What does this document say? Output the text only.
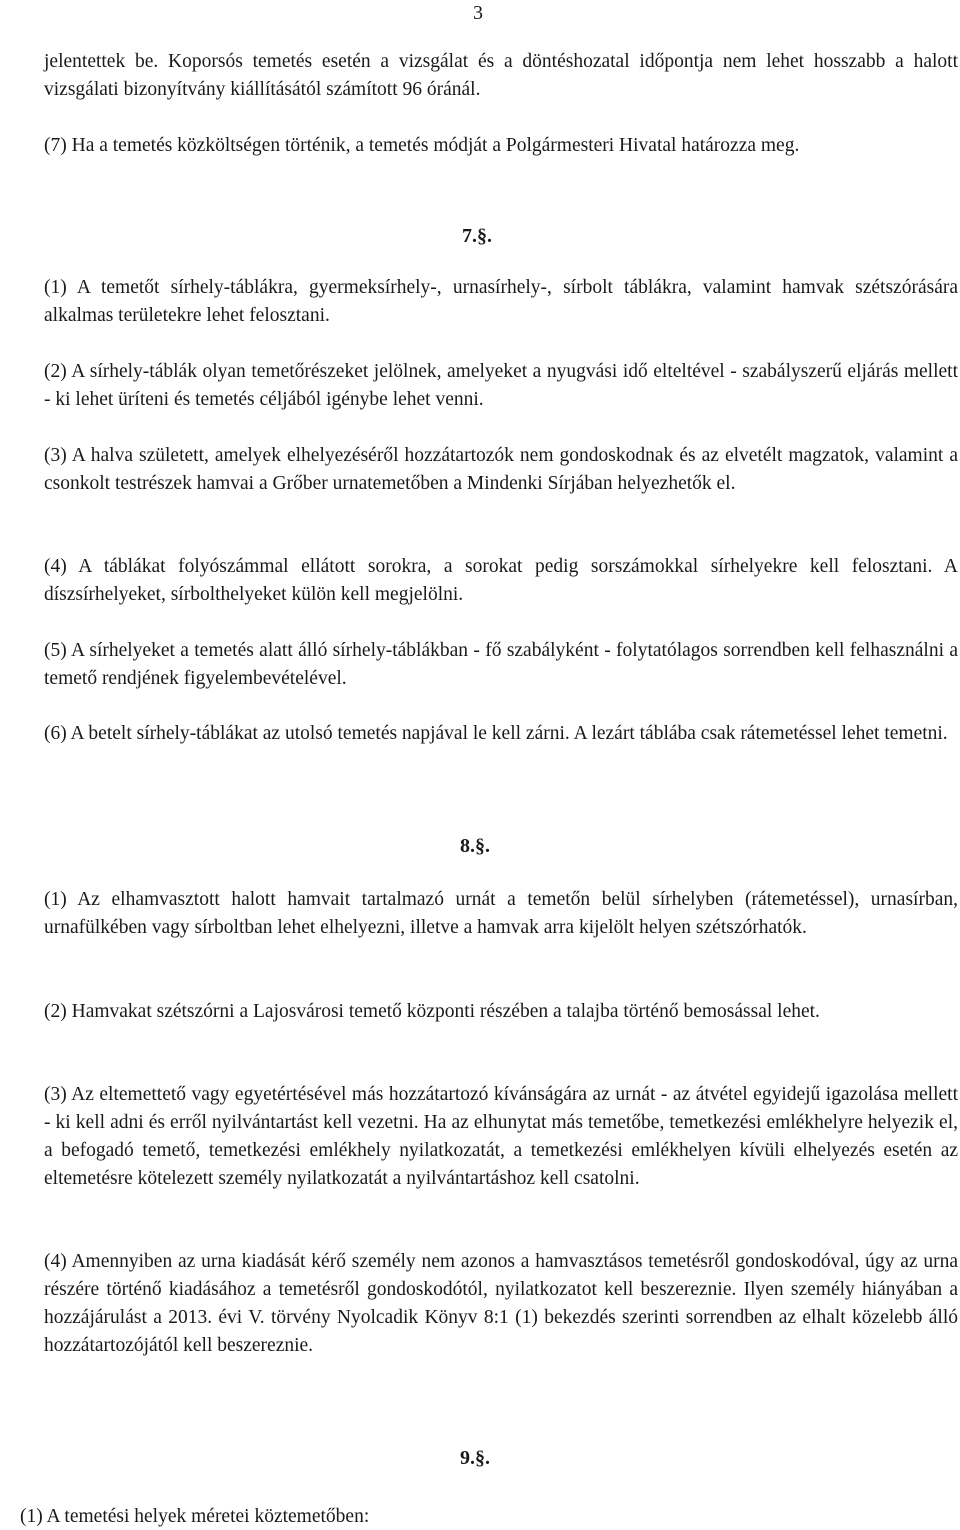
3

jelentettek be. Koporsós temetés esetén a vizsgálat és a döntéshozatal időpontja nem lehet hosszabb a halott vizsgálati bizonyítvány kiállításától számított 96 óránál.

(7) Ha a temetés közköltségen történik, a temetés módját a Polgármesteri Hivatal határozza meg.

7.§.

(1) A temetőt sírhely-táblákra, gyermeksírhely-, urnasírhely-, sírbolt táblákra, valamint hamvak szétszórására alkalmas területekre lehet felosztani.

(2) A sírhely-táblák olyan temetőrészeket jelölnek, amelyeket a nyugvási idő elteltével - szabályszerű eljárás mellett - ki lehet üríteni és temetés céljából igénybe lehet venni.

(3) A halva született, amelyek elhelyezéséről hozzátartozók nem gondoskodnak és az elvetélt magzatok, valamint a csonkolt testrészek hamvai a Grőber urnatemetőben a Mindenki Sírjában helyezhetők el.

(4) A táblákat folyószámmal ellátott sorokra, a sorokat pedig sorszámokkal sírhelyekre kell felosztani. A díszsírhelyeket, sírbolthelyeket külön kell megjelölni.

(5) A sírhelyeket a temetés alatt álló sírhely-táblákban - fő szabályként - folytatólagos sorrendben kell felhasználni a temető rendjének figyelembevételével.

(6) A betelt sírhely-táblákat az utolsó temetés napjával le kell zárni. A lezárt táblába csak rátemetéssel lehet temetni.

8.§.

(1) Az elhamvasztott halott hamvait tartalmazó urnát a temetőn belül sírhelyben (rátemetéssel), urnasírban, urnafülkében vagy sírboltban lehet elhelyezni, illetve a hamvak arra kijelölt helyen szétszórhatók.

(2) Hamvakat szétszórni a Lajosvárosi temető központi részében a talajba történő bemosással lehet.

(3) Az eltemettető vagy egyetértésével más hozzátartozó kívánságára az urnát - az átvétel egyidejű igazolása mellett - ki kell adni és erről nyilvántartást kell vezetni. Ha az elhunytat más temetőbe, temetkezési emlékhelyre helyezik el, a befogadó temető, temetkezési emlékhely nyilatkozatát, a temetkezési emlékhelyen kívüli elhelyezés esetén az eltemetésre kötelezett személy nyilatkozatát a nyilvántartáshoz kell csatolni.

(4) Amennyiben az urna kiadását kérő személy nem azonos a hamvasztásos temetésről gondoskodóval, úgy az urna részére történő kiadásához a temetésről gondoskodótól, nyilatkozatot kell beszereznie. Ilyen személy hiányában a hozzájárulást a 2013. évi V. törvény Nyolcadik Könyv 8:1 (1) bekezdés szerinti sorrendben az elhalt közelebb álló hozzátartozójától kell beszereznie.

9.§.
(1) A temetési helyek méretei köztemetőben:
